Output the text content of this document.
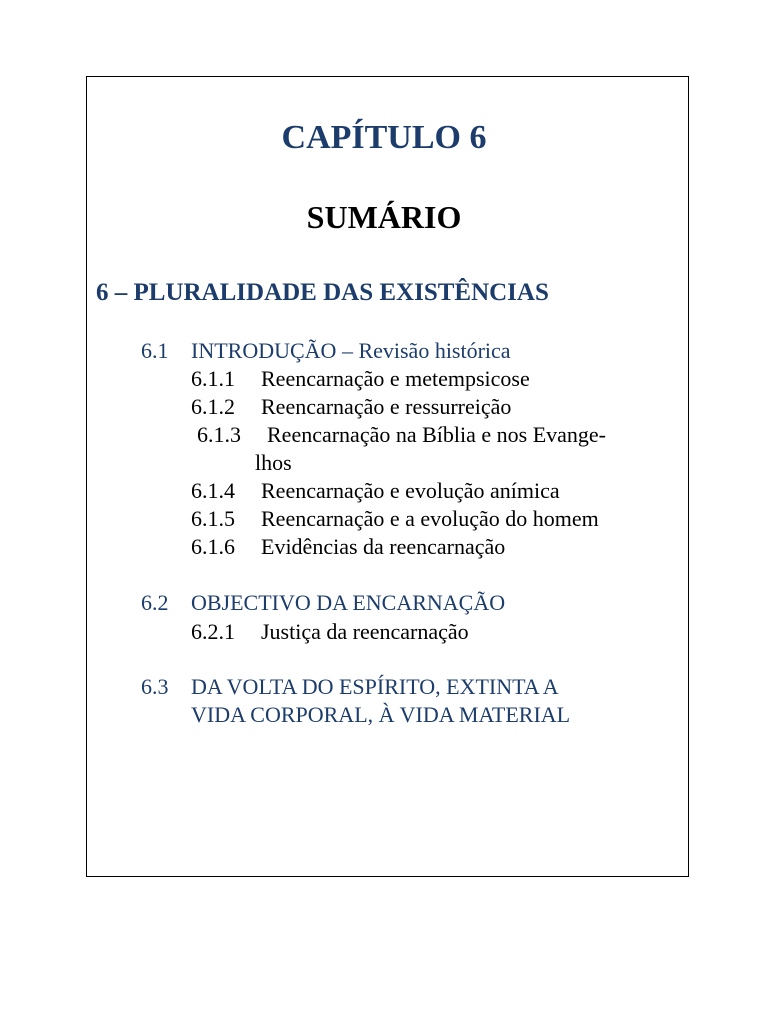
CAPÍTULO 6
SUMÁRIO
6 – PLURALIDADE DAS EXISTÊNCIAS
6.1 INTRODUÇÃO – Revisão histórica
6.1.1 Reencarnação e metempsicose
6.1.2 Reencarnação e ressurreição
6.1.3 Reencarnação na Bíblia e nos Evange-
lhos
6.1.4 Reencarnação e evolução anímica
6.1.5 Reencarnação e a evolução do homem
6.1.6 Evidências da reencarnação
6.2 OBJECTIVO DA ENCARNAÇÃO
6.2.1 Justiça da reencarnação
6.3 DA VOLTA DO ESPÍRITO, EXTINTA A
VIDA CORPORAL, À VIDA MATERIAL
